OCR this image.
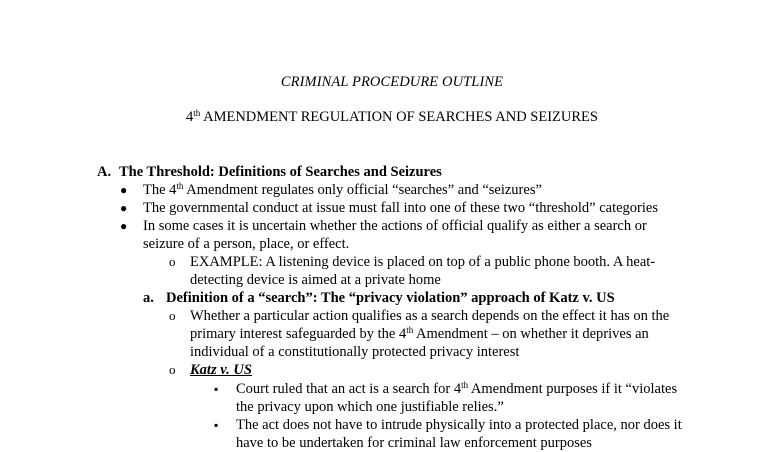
CRIMINAL PROCEDURE OUTLINE
4th AMENDMENT REGULATION OF SEARCHES AND SEIZURES
A. The Threshold: Definitions of Searches and Seizures
● The 4th Amendment regulates only official “searches” and “seizures”
● The governmental conduct at issue must fall into one of these two “threshold” categories
● In some cases it is uncertain whether the actions of official qualify as either a search or
seizure of a person, place, or effect.
o EXAMPLE: A listening device is placed on top of a public phone booth. A heat-
detecting device is aimed at a private home
a. Definition of a “search”: The “privacy violation” approach of Katz v. US
o Whether a particular action qualifies as a search depends on the effect it has on the
primary interest safeguarded by the 4th Amendment – on whether it deprives an
individual of a constitutionally protected privacy interest
o Katz v. US
▪ Court ruled that an act is a search for 4th Amendment purposes if it “violates
the privacy upon which one justifiable relies.”
▪ The act does not have to intrude physically into a protected place, nor does it
have to be undertaken for criminal law enforcement purposes
